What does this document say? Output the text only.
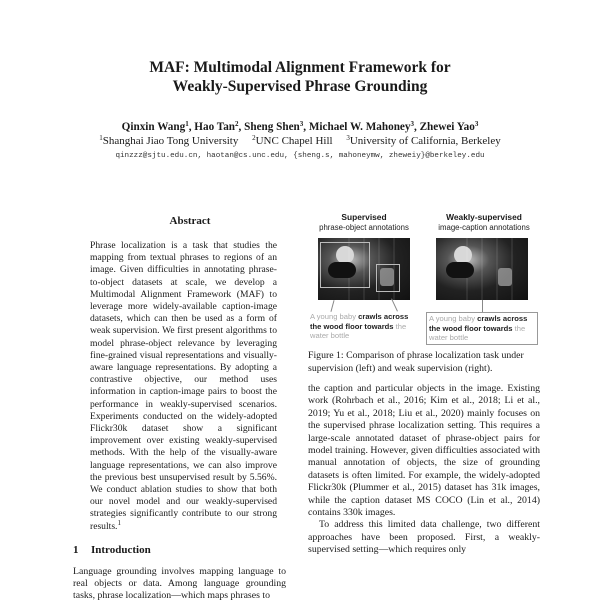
MAF: Multimodal Alignment Framework for
Weakly-Supervised Phrase Grounding
Qinxin Wang$^1$, Hao Tan$^2$, Sheng Shen$^3$, Michael W. Mahoney$^3$, Zhewei Yao$^3$
$^1$Shanghai Jiao Tong University $^2$UNC Chapel Hill $^3$University of California, Berkeley
qinzzz@sjtu.edu.cn, haotan@cs.unc.edu, {sheng.s, mahoneymw, zheweiy}@berkeley.edu
Abstract
Phrase localization is a task that studies the mapping from textual phrases to regions of an image. Given difficulties in annotating phrase-to-object datasets at scale, we develop a Multimodal Alignment Framework (MAF) to leverage more widely-available caption-image datasets, which can then be used as a form of weak supervision. We first present algorithms to model phrase-object relevance by leveraging fine-grained visual representations and visually-aware language representations. By adopting a contrastive objective, our method uses information in caption-image pairs to boost the performance in weakly-supervised scenarios. Experiments conducted on the widely-adopted Flickr30k dataset show a significant improvement over existing weakly-supervised methods. With the help of the visually-aware language representations, we can also improve the previous best unsupervised result by 5.56%. We conduct ablation studies to show that both our novel model and our weakly-supervised strategies significantly contribute to our strong results.$^1$
1 Introduction
Language grounding involves mapping language to real objects or data. Among language grounding tasks, phrase localization—which maps phrases to
Supervised
phrase-object annotations
Weakly-supervised
image-caption annotations
A young baby crawls across the wood floor towards the water bottle
A young baby crawls across the wood floor towards the water bottle
Figure 1: Comparison of phrase localization task under supervision (left) and weak supervision (right).

the caption and particular objects in the image. Existing work (Rohrbach et al., 2016; Kim et al., 2018; Li et al., 2019; Yu et al., 2018; Liu et al., 2020) mainly focuses on the supervised phrase localization setting. This requires a large-scale annotated dataset of phrase-object pairs for model training. However, given difficulties associated with manual annotation of objects, the size of grounding datasets is often limited. For example, the widely-adopted Flickr30k (Plummer et al., 2015) dataset has 31k images, while the caption dataset MS COCO (Lin et al., 2014) contains 330k images.

To address this limited data challenge, two different approaches have been proposed. First, a weakly-supervised setting—which requires only
